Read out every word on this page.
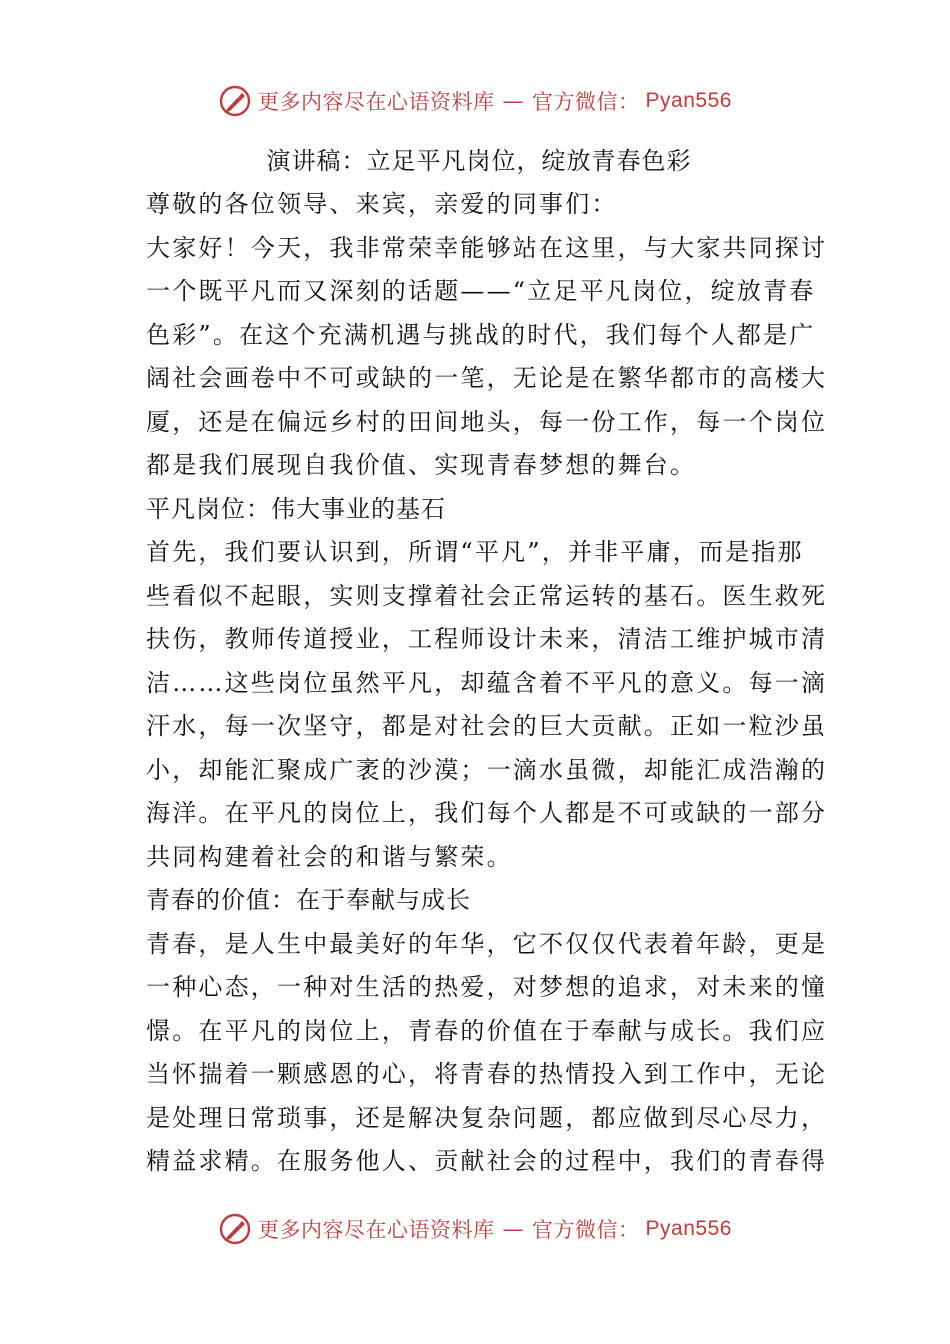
更多内容尽在心语资料库 — 官方微信： Pyan556
演讲稿：立足平凡岗位，绽放青春色彩

尊敬的各位领导、来宾，亲爱的同事们：

大家好！今天，我非常荣幸能够站在这里，与大家共同探讨

一个既平凡而又深刻的话题——“立足平凡岗位，绽放青春

色彩”。在这个充满机遇与挑战的时代，我们每个人都是广

阔社会画卷中不可或缺的一笔，无论是在繁华都市的高楼大

厦，还是在偏远乡村的田间地头，每一份工作，每一个岗位

都是我们展现自我价值、实现青春梦想的舞台。

平凡岗位：伟大事业的基石

首先，我们要认识到，所谓“平凡”，并非平庸，而是指那

些看似不起眼，实则支撑着社会正常运转的基石。医生救死

扶伤，教师传道授业，工程师设计未来，清洁工维护城市清

洁……这些岗位虽然平凡，却蕴含着不平凡的意义。每一滴

汗水，每一次坚守，都是对社会的巨大贡献。正如一粒沙虽

小，却能汇聚成广袤的沙漠；一滴水虽微，却能汇成浩瀚的

海洋。在平凡的岗位上，我们每个人都是不可或缺的一部分

共同构建着社会的和谐与繁荣。

青春的价值：在于奉献与成长

青春，是人生中最美好的年华，它不仅仅代表着年龄，更是

一种心态，一种对生活的热爱，对梦想的追求，对未来的憧

憬。在平凡的岗位上，青春的价值在于奉献与成长。我们应

当怀揣着一颗感恩的心，将青春的热情投入到工作中，无论

是处理日常琐事，还是解决复杂问题，都应做到尽心尽力，

精益求精。在服务他人、贡献社会的过程中，我们的青春得

更多内容尽在心语资料库 — 官方微信： Pyan556
